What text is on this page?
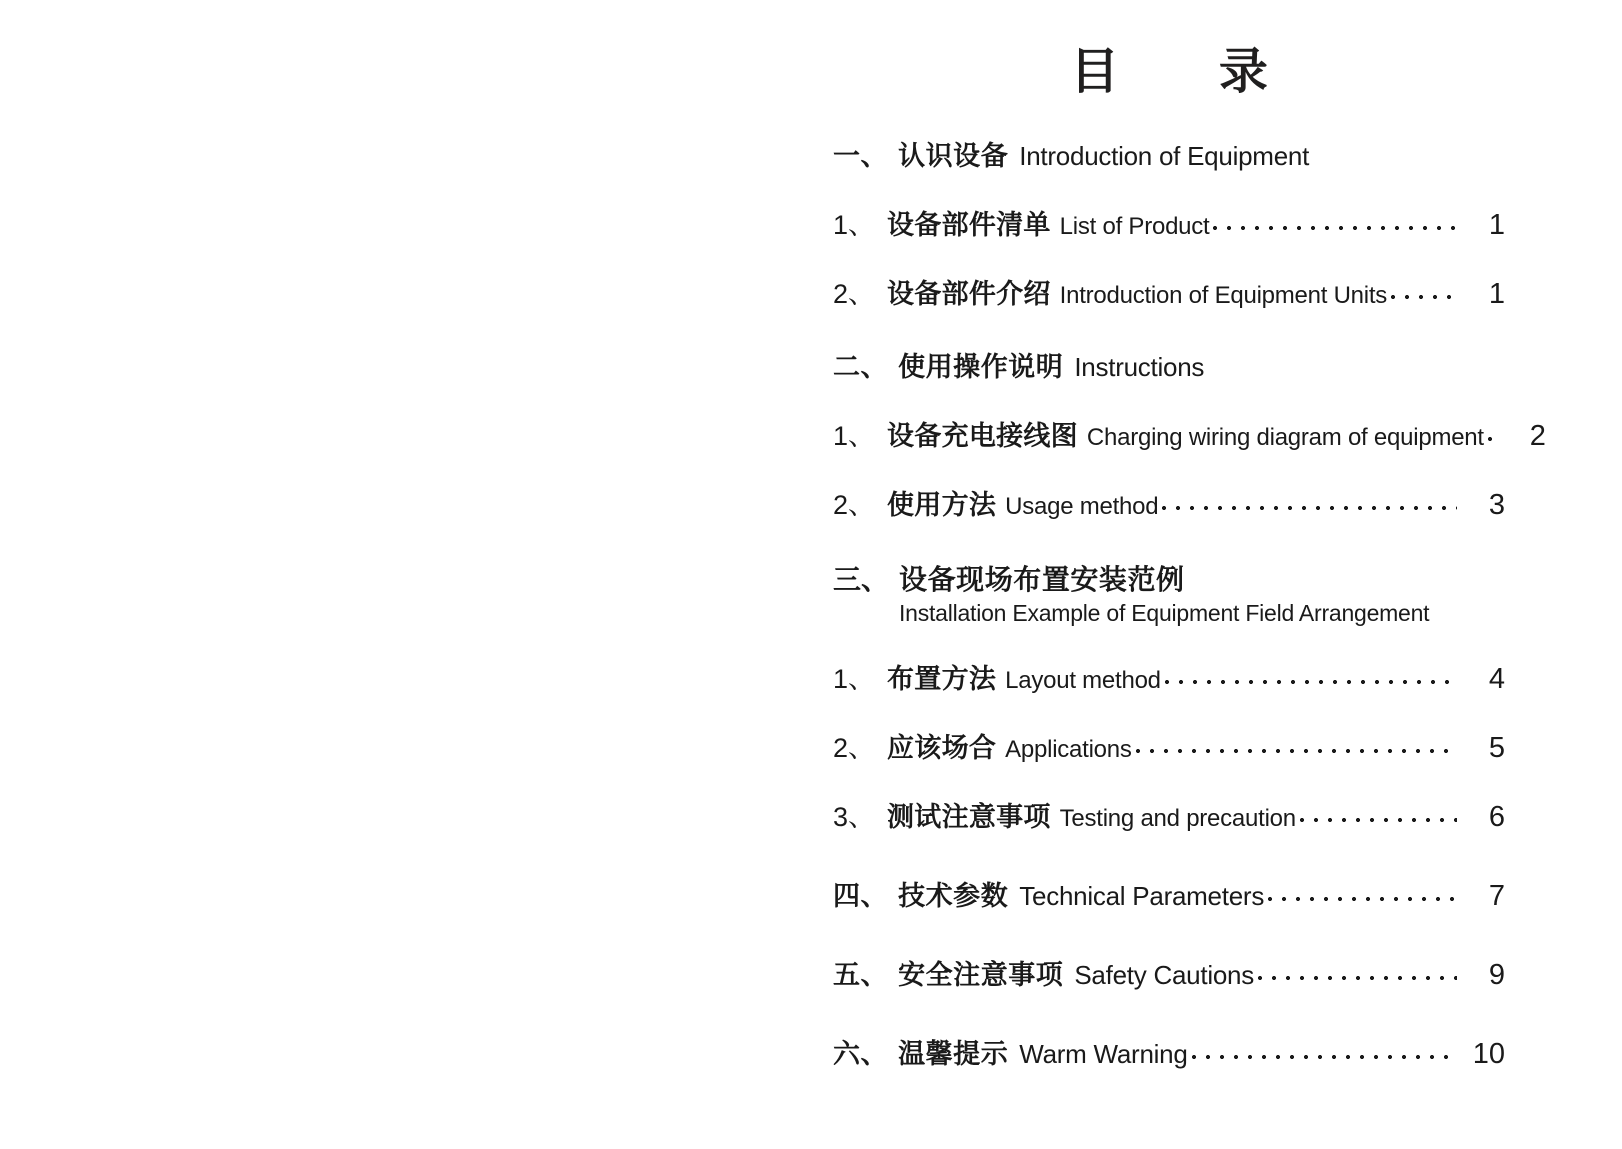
目   录
一、 认识设备 Introduction of Equipment
1、 设备部件清单 List of Product	1
2、 设备部件介绍 Introduction of Equipment Units	1
二、 使用操作说明 Instructions
1、 设备充电接线图 Charging wiring diagram of equipment	2
2、 使用方法 Usage method	3
三、 设备现场布置安装范例
Installation Example of Equipment Field Arrangement
1、 布置方法 Layout method	4
2、 应该场合 Applications	5
3、 测试注意事项 Testing and precaution	6
四、 技术参数 Technical Parameters	7
五、 安全注意事项 Safety Cautions	9
六、 温馨提示 Warm Warning	10
